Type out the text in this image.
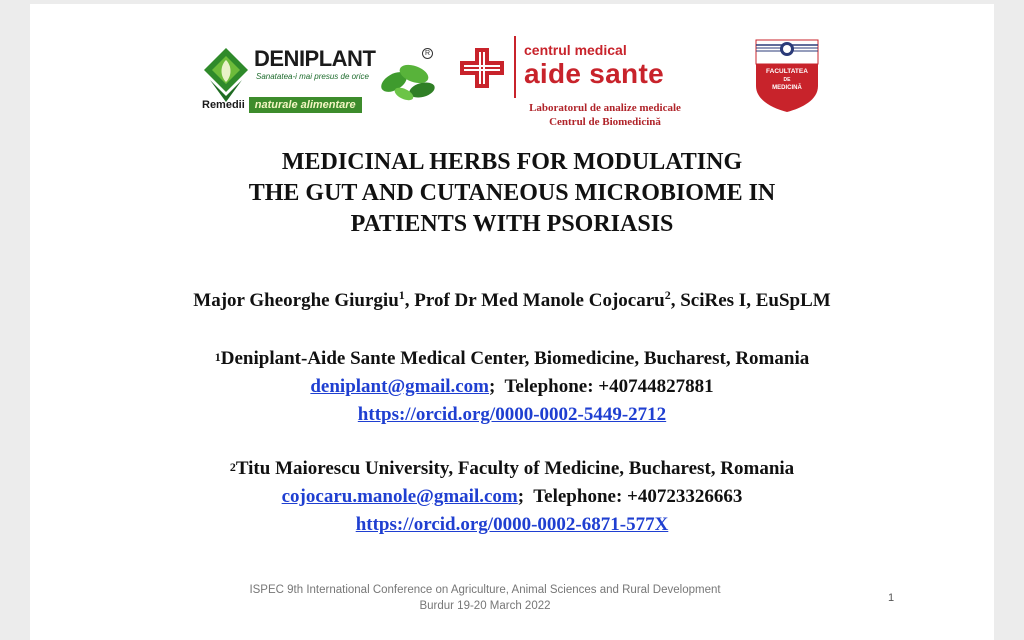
DENIPLANT	R
Sanatatea-i mai presus de orice
Remedii naturale alimentare
centrul medical
aide sante
Laboratorul de analize medicale
Centrul de Biomedicină
FACULTATEA
DE
MEDICINĂ
MEDICINAL HERBS FOR MODULATING
THE GUT AND CUTANEOUS MICROBIOME IN
PATIENTS WITH PSORIASIS
Major Gheorghe Giurgiu$^1$, Prof Dr Med Manole Cojocaru$^2$, SciRes I, EuSpLM
$^1$Deniplant-Aide Sante Medical Center, Biomedicine, Bucharest, Romania
deniplant@gmail.com;  Telephone: +40744827881
https://orcid.org/0000-0002-5449-2712
$^2$Titu Maiorescu University, Faculty of Medicine, Bucharest, Romania
cojocaru.manole@gmail.com;  Telephone: +40723326663
https://orcid.org/0000-0002-6871-577X
ISPEC 9th International Conference on Agriculture, Animal Sciences and Rural Development
Burdur 19-20 March 2022
1
